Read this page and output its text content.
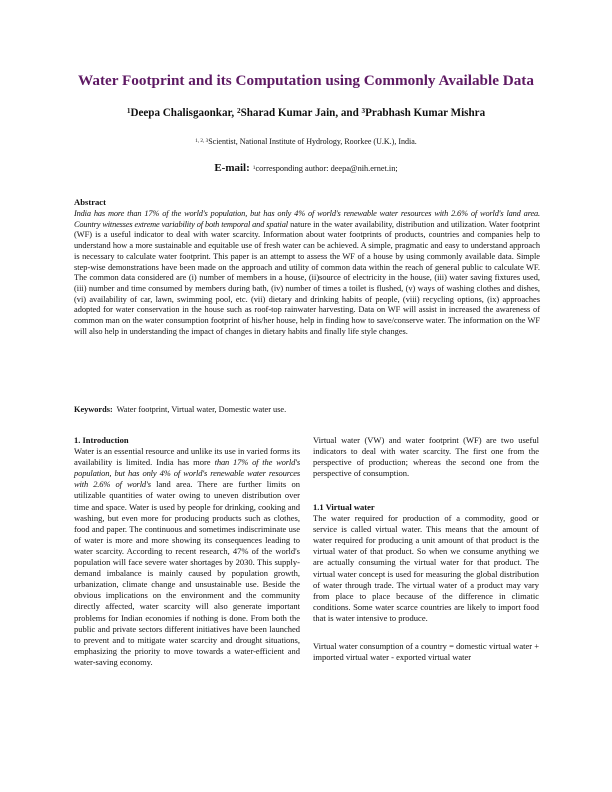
Water Footprint and its Computation using Commonly Available Data
$^1$Deepa Chalisgaonkar, $^2$Sharad Kumar Jain, and $^3$Prabhash Kumar Mishra
$^{1, 2, 3}$Scientist, National Institute of Hydrology, Roorkee (U.K.), India.
E-mail: $^1$corresponding author: deepa@nih.ernet.in;
Abstract
India has more than 17% of the world's population, but has only 4% of world's renewable water resources with 2.6% of world's land area. Country witnesses extreme variability of both temporal and spatial nature in the water availability, distribution and utilization. Water footprint (WF) is a useful indicator to deal with water scarcity. Information about water footprints of products, countries and companies help to understand how a more sustainable and equitable use of fresh water can be achieved. A simple, pragmatic and easy to understand approach is necessary to calculate water footprint. This paper is an attempt to assess the WF of a house by using commonly available data. Simple step-wise demonstrations have been made on the approach and utility of common data within the reach of general public to calculate WF. The common data considered are (i) number of members in a house, (ii)source of electricity in the house, (iii) water saving fixtures used, (iii) number and time consumed by members during bath, (iv) number of times a toilet is flushed, (v) ways of washing clothes and dishes, (vi) availability of car, lawn, swimming pool, etc. (vii) dietary and drinking habits of people, (viii) recycling options, (ix) approaches adopted for water conservation in the house such as roof-top rainwater harvesting. Data on WF will assist in increased the awareness of common man on the water consumption footprint of his/her house, help in finding how to save/conserve water. The information on the WF will also help in understanding the impact of changes in dietary habits and finally life style changes.
Keywords: Water footprint, Virtual water, Domestic water use.
1. Introduction

Water is an essential resource and unlike its use in varied forms its availability is limited. India has more than 17% of the world's population, but has only 4% of world's renewable water resources with 2.6% of world's land area. There are further limits on utilizable quantities of water owing to uneven distribution over time and space. Water is used by people for drinking, cooking and washing, but even more for producing products such as clothes, food and paper. The continuous and sometimes indiscriminate use of water is more and more showing its consequences leading to water scarcity. According to recent research, 47% of the world's population will face severe water shortages by 2030. This supply-demand imbalance is mainly caused by population growth, urbanization, climate change and unsustainable use. Beside the obvious implications on the environment and the community directly affected, water scarcity will also generate important problems for Indian economies if nothing is done. From both the public and private sectors different initiatives have been launched to prevent and to mitigate water scarcity and drought situations, emphasizing the priority to move towards a water-efficient and water-saving economy.

Virtual water (VW) and water footprint (WF) are two useful indicators to deal with water scarcity. The first one from the perspective of production; whereas the second one from the perspective of consumption.

1.1 Virtual water

The water required for production of a commodity, good or service is called virtual water. This means that the amount of water required for producing a unit amount of that product is the virtual water of that product. So when we consume anything we are actually consuming the virtual water for that product. The virtual water concept is used for measuring the global distribution of water through trade. The virtual water of a product may vary from place to place because of the difference in climatic conditions. Some water scarce countries are likely to import food that is water intensive to produce.

Virtual water consumption of a country = domestic virtual water + imported virtual water - exported virtual water
